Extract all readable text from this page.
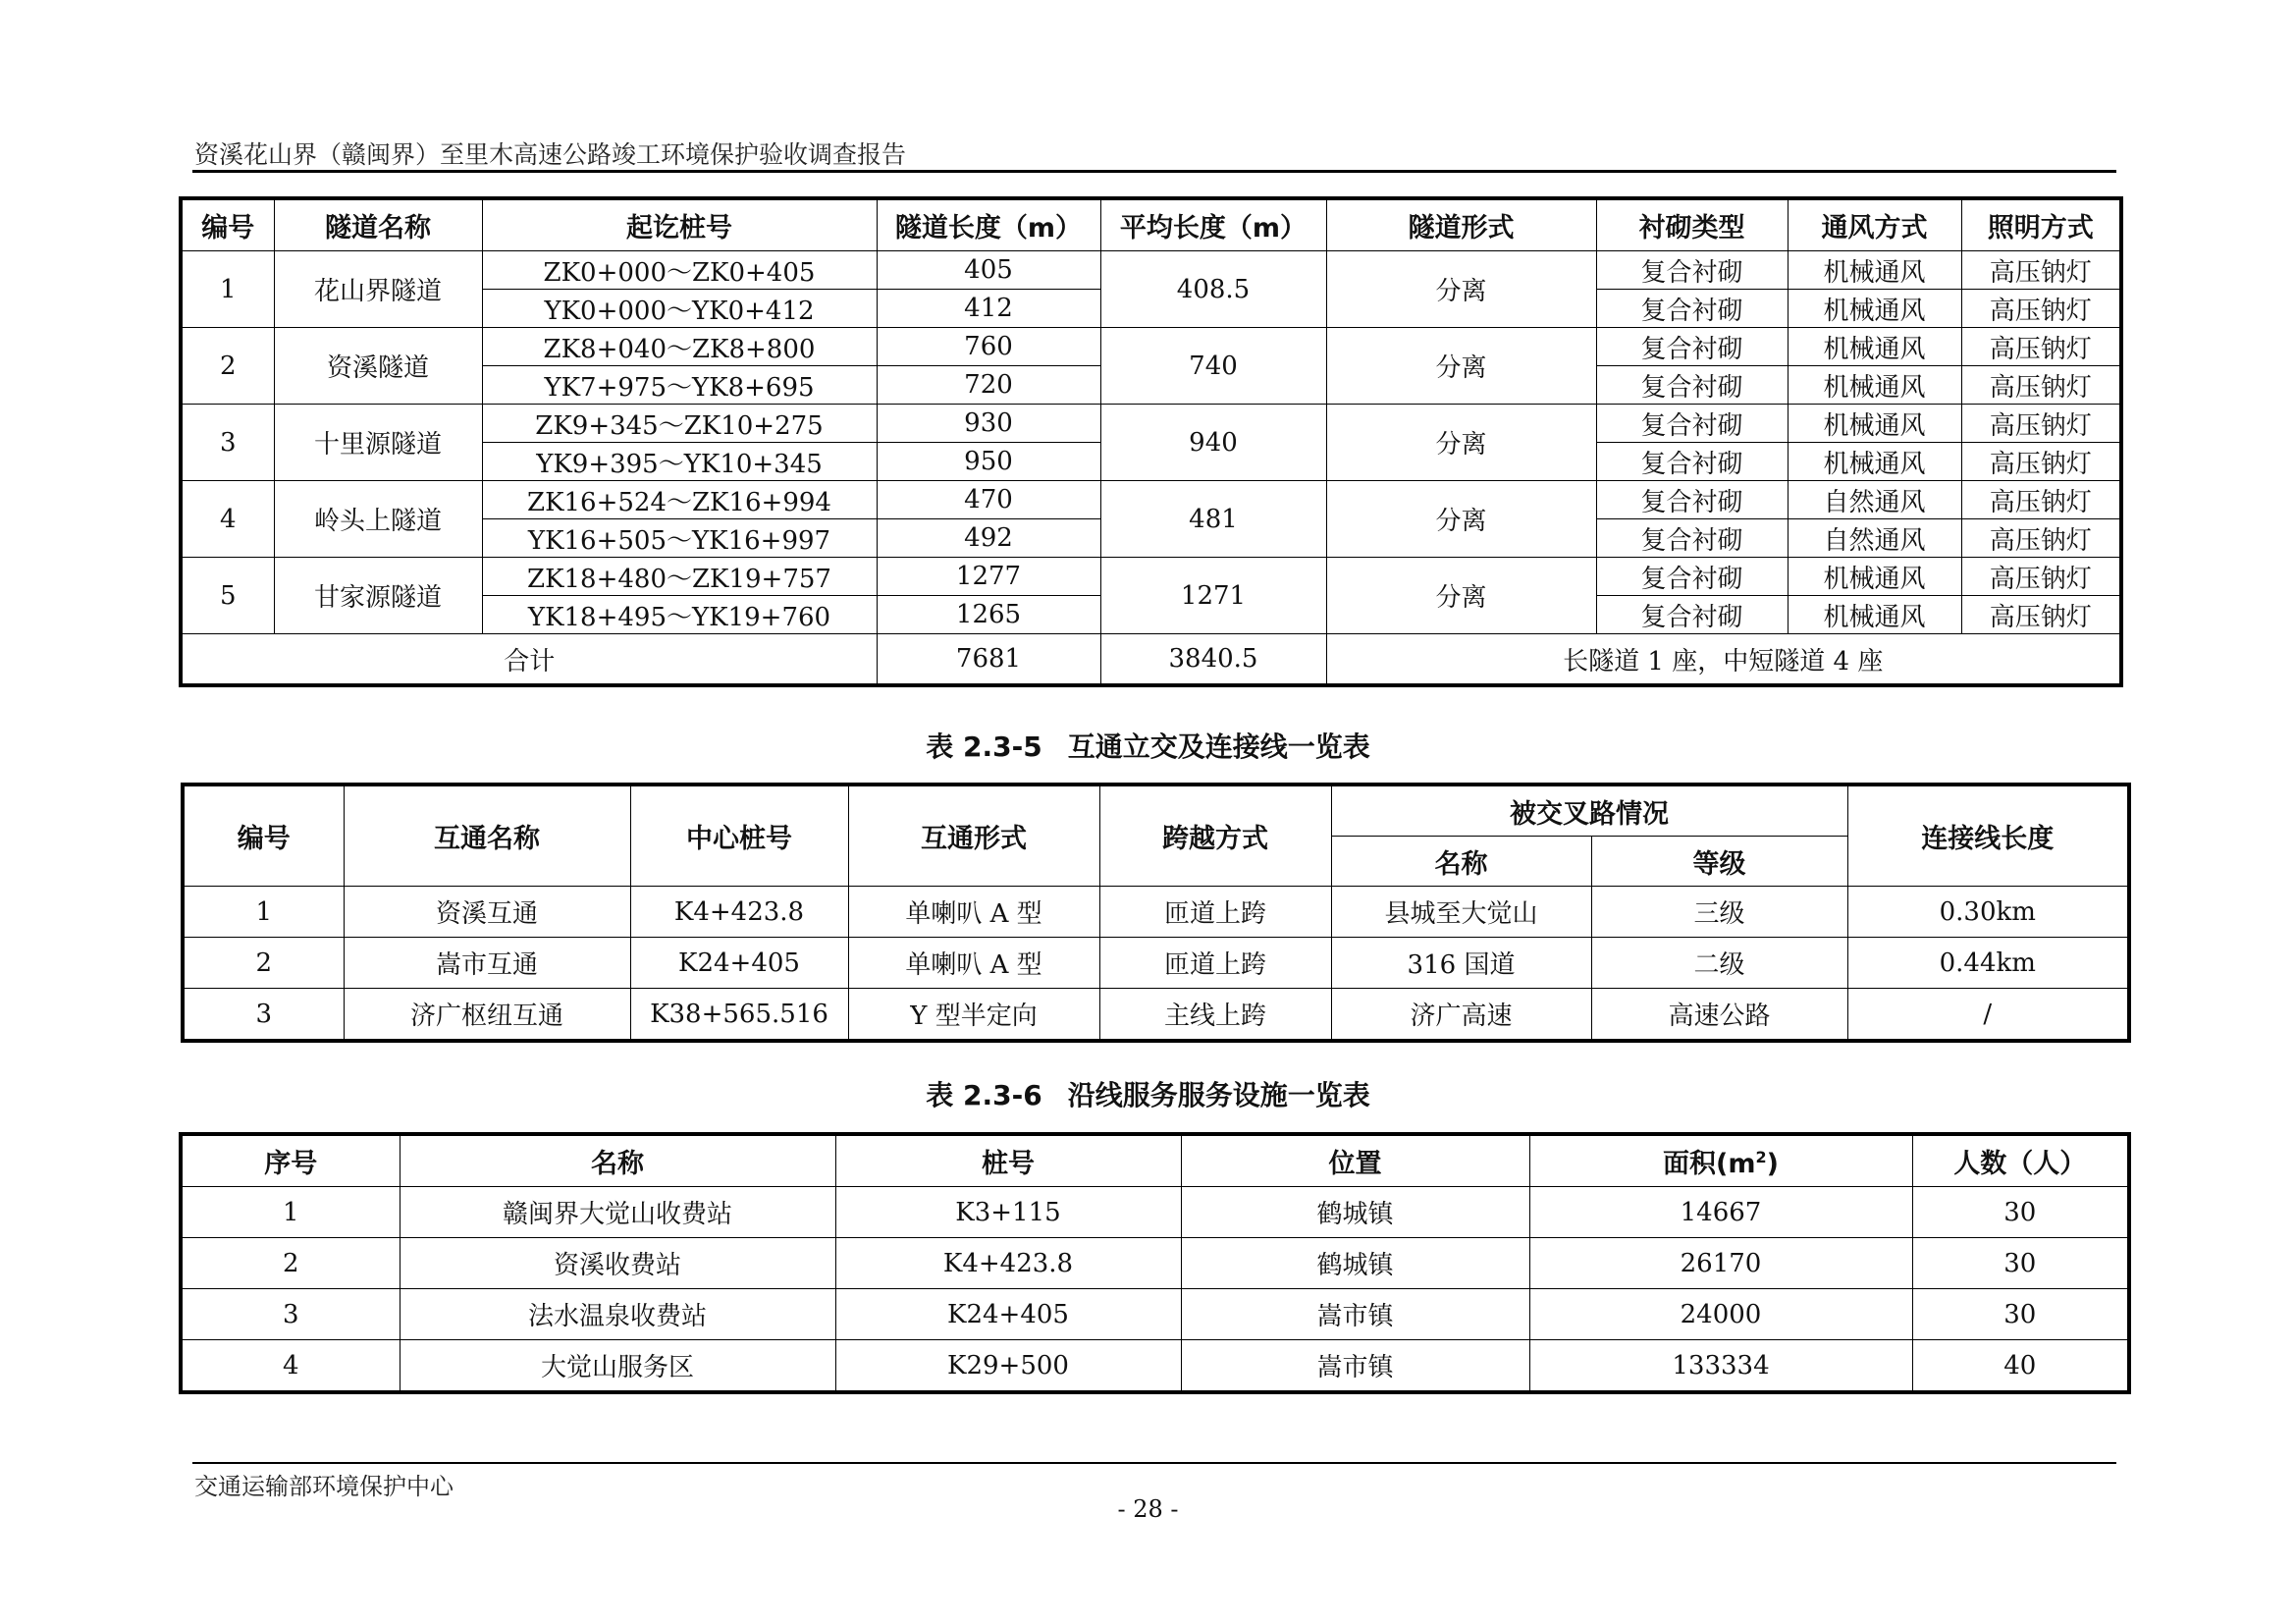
资溪花山界（赣闽界）至里木高速公路竣工环境保护验收调查报告
编号	隧道名称	起讫桩号	隧道长度（m）	平均长度（m）	隧道形式	衬砌类型	通风方式	照明方式
1	花山界隧道	ZK0+000～ZK0+405	405	408.5	分离	复合衬砌	机械通风	高压钠灯
		YK0+000～YK0+412	412			复合衬砌	机械通风	高压钠灯
2	资溪隧道	ZK8+040～ZK8+800	760	740	分离	复合衬砌	机械通风	高压钠灯
		YK7+975～YK8+695	720			复合衬砌	机械通风	高压钠灯
3	十里源隧道	ZK9+345～ZK10+275	930	940	分离	复合衬砌	机械通风	高压钠灯
		YK9+395～YK10+345	950			复合衬砌	机械通风	高压钠灯
4	岭头上隧道	ZK16+524～ZK16+994	470	481	分离	复合衬砌	自然通风	高压钠灯
		YK16+505～YK16+997	492			复合衬砌	自然通风	高压钠灯
5	甘家源隧道	ZK18+480～ZK19+757	1277	1271	分离	复合衬砌	机械通风	高压钠灯
		YK18+495～YK19+760	1265			复合衬砌	机械通风	高压钠灯
合计			7681	3840.5	长隧道 1 座，中短隧道 4 座			
表 2.3-5 互通立交及连接线一览表
编号	互通名称	中心桩号	互通形式	跨越方式	被交叉路情况		连接线长度
					名称	等级	
1	资溪互通	K4+423.8	单喇叭 A 型	匝道上跨	县城至大觉山	三级	0.30km
2	嵩市互通	K24+405	单喇叭 A 型	匝道上跨	316 国道	二级	0.44km
3	济广枢纽互通	K38+565.516	Y 型半定向	主线上跨	济广高速	高速公路	/
表 2.3-6 沿线服务服务设施一览表
序号	名称	桩号	位置	面积$(m^2)$	人数（人）
1	赣闽界大觉山收费站	K3+115	鹤城镇	14667	30
2	资溪收费站	K4+423.8	鹤城镇	26170	30
3	法水温泉收费站	K24+405	嵩市镇	24000	30
4	大觉山服务区	K29+500	嵩市镇	133334	40
交通运输部环境保护中心
- 28 -
